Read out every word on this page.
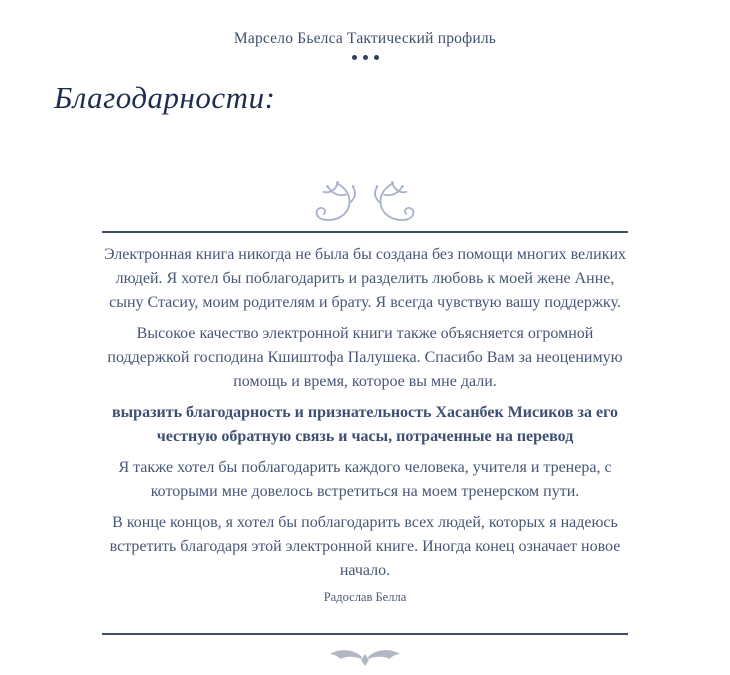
Марсело Бьелса Тактический профиль
Благодарности:

Электронная книга никогда не была бы создана без помощи многих великих людей. Я хотел бы поблагодарить и разделить любовь к моей жене Анне, сыну Стасиу, моим родителям и брату. Я всегда чувствую вашу поддержку.

Высокое качество электронной книги также объясняется огромной поддержкой господина Кшиштофа Палушека. Спасибо Вам за неоценимую помощь и время, которое вы мне дали.

выразить благодарность и признательность Хасанбек Мисиков за его честную обратную связь и часы, потраченные на перевод

Я также хотел бы поблагодарить каждого человека, учителя и тренера, с которыми мне довелось встретиться на моем тренерском пути.

В конце концов, я хотел бы поблагодарить всех людей, которых я надеюсь встретить благодаря этой электронной книге. Иногда конец означает новое начало.

Радослав Белла
